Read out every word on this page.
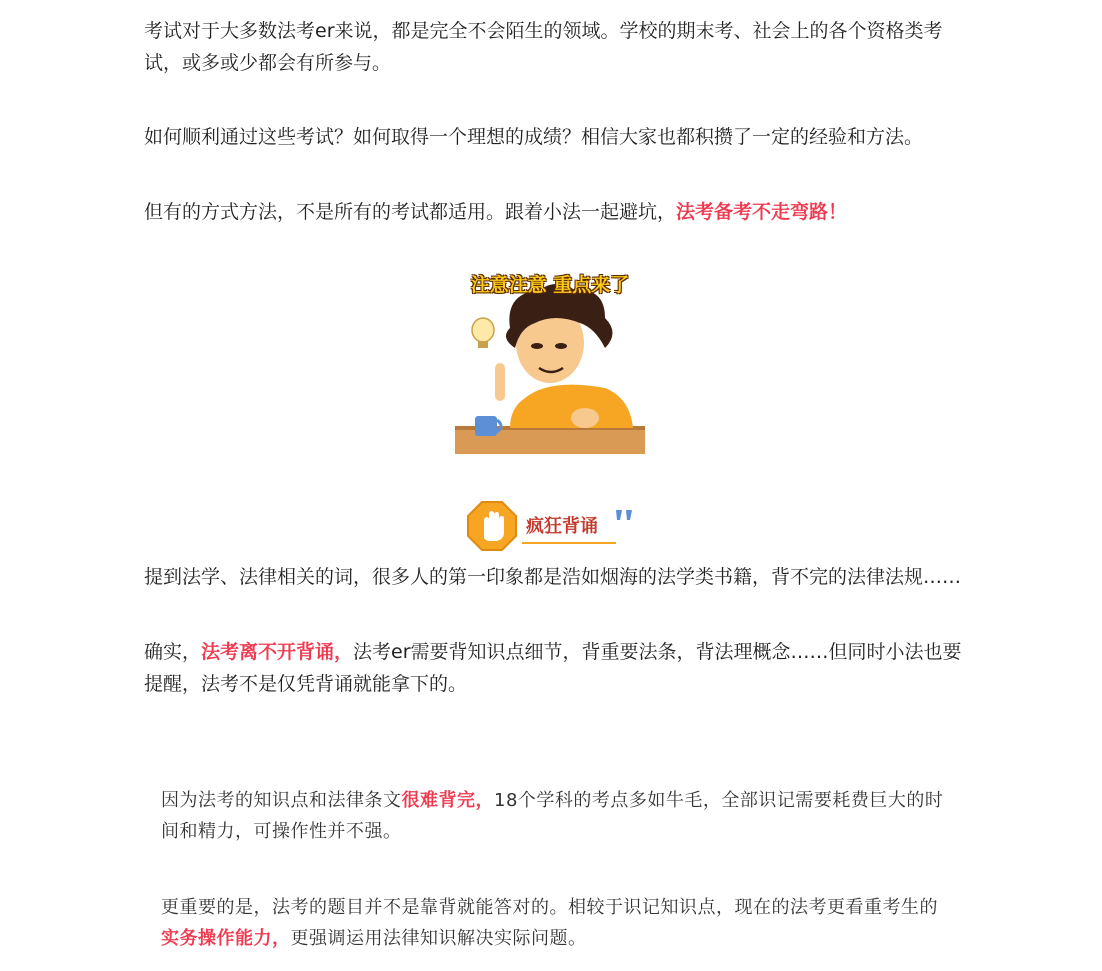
考试对于大多数法考er来说，都是完全不会陌生的领域。学校的期末考、社会上的各个资格类考试，或多或少都会有所参与。

如何顺利通过这些考试？如何取得一个理想的成绩？相信大家也都积攒了一定的经验和方法。

但有的方式方法，不是所有的考试都适用。跟着小法一起避坑，法考备考不走弯路！

注意注意 重点来了
疯狂背诵

提到法学、法律相关的词，很多人的第一印象都是浩如烟海的法学类书籍，背不完的法律法规……

确实，法考离不开背诵，法考er需要背知识点细节，背重要法条，背法理概念……但同时小法也要提醒，法考不是仅凭背诵就能拿下的。

因为法考的知识点和法律条文很难背完，18个学科的考点多如牛毛，全部识记需要耗费巨大的时间和精力，可操作性并不强。

更重要的是，法考的题目并不是靠背就能答对的。相较于识记知识点，现在的法考更看重考生的实务操作能力，更强调运用法律知识解决实际问题。
